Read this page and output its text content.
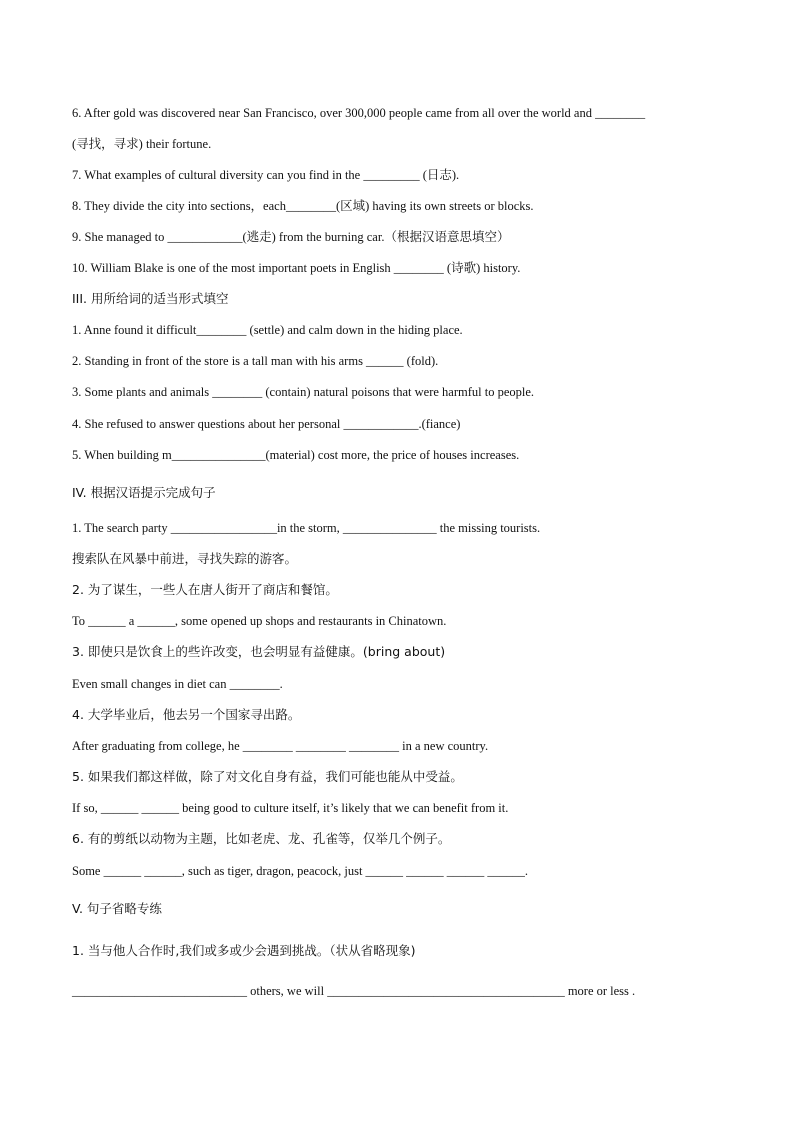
6. After gold was discovered near San Francisco, over 300,000 people came from all over the world and ________
(寻找，寻求) their fortune.
7. What examples of cultural diversity can you find in the _________ (日志).
8. They divide the city into sections，each________(区域) having its own streets or blocks.
9. She managed to ____________(逃走) from the burning car.（根据汉语意思填空）
10. William Blake is one of the most important poets in English ________ (诗歌) history.
III. 用所给词的适当形式填空
1. Anne found it difficult________ (settle) and calm down in the hiding place.
2. Standing in front of the store is a tall man with his arms ______ (fold).
3. Some plants and animals ________ (contain) natural poisons that were harmful to people.
4. She refused to answer questions about her personal ____________.(fiance)
5. When building m_______________(material) cost more, the price of houses increases.
IV. 根据汉语提示完成句子
1. The search party _________________in the storm, _______________ the missing tourists.
搜索队在风暴中前进，寻找失踪的游客。
2. 为了谋生，一些人在唐人街开了商店和餐馆。
To ______ a ______, some opened up shops and restaurants in Chinatown.
3. 即使只是饮食上的些许改变，也会明显有益健康。(bring about)
Even small changes in diet can ________.
4. 大学毕业后，他去另一个国家寻出路。
After graduating from college, he ________ ________ ________ in a new country.
5. 如果我们都这样做，除了对文化自身有益，我们可能也能从中受益。
If so, ______ ______ being good to culture itself, it’s likely that we can benefit from it.
6. 有的剪纸以动物为主题，比如老虎、龙、孔雀等，仅举几个例子。
Some ______ ______, such as tiger, dragon, peacock, just ______ ______ ______ ______.
V. 句子省略专练
1. 当与他人合作时,我们或多或少会遇到挑战。（状从省略现象)
____________________________ others, we will ______________________________________ more or less .
